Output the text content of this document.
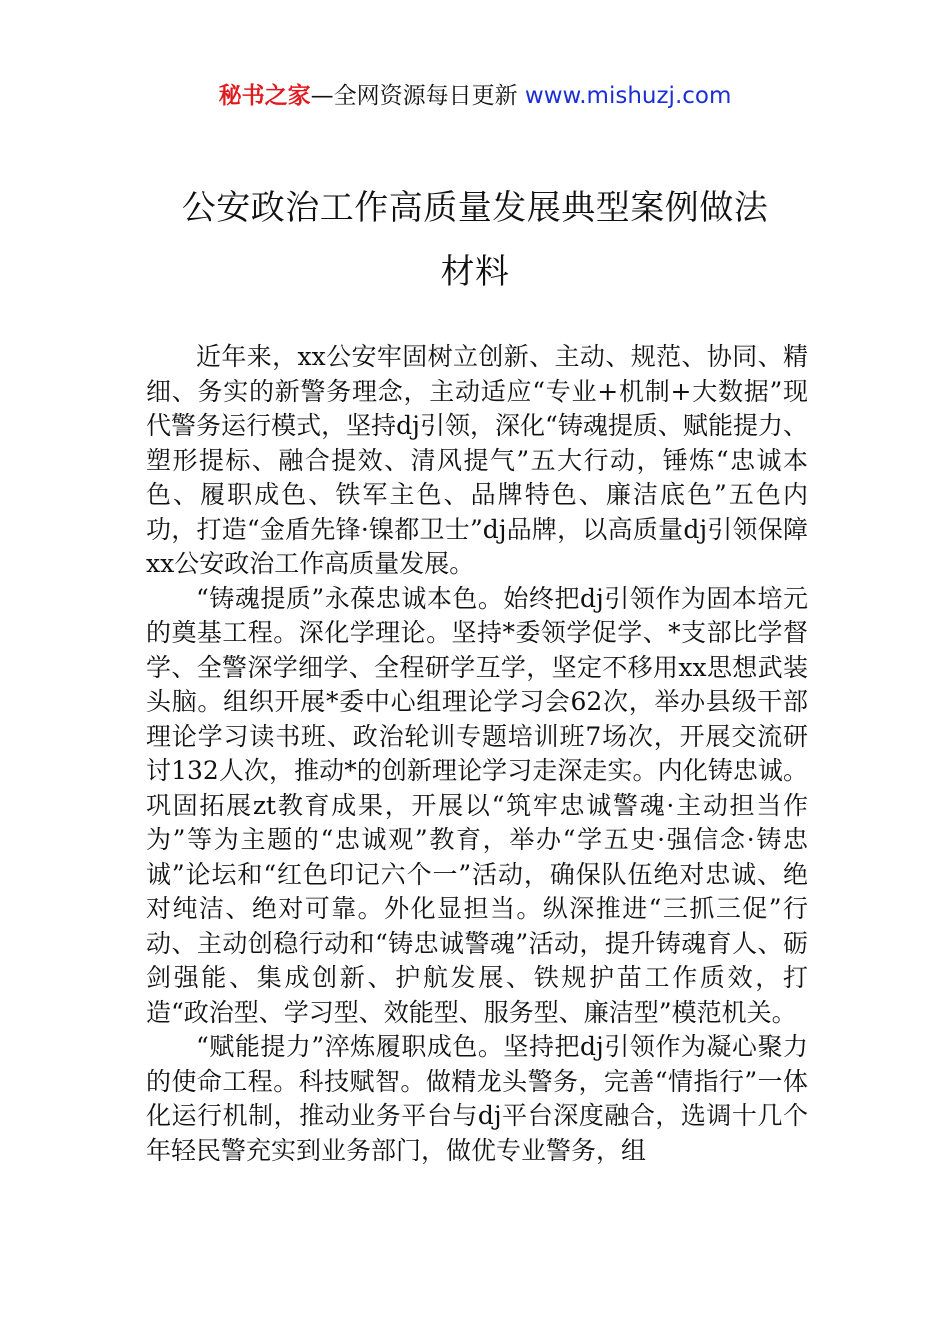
秘书之家—全网资源每日更新 www.mishuzj.com
公安政治工作高质量发展典型案例做法
材料

近年来，xx公安牢固树立创新、主动、规范、协同、精细、务实的新警务理念，主动适应“专业+机制+大数据”现代警务运行模式，坚持dj引领，深化“铸魂提质、赋能提力、塑形提标、融合提效、清风提气”五大行动，锤炼“忠诚本色、履职成色、铁军主色、品牌特色、廉洁底色”五色内功，打造“金盾先锋·镍都卫士”dj品牌，以高质量dj引领保障xx公安政治工作高质量发展。

“铸魂提质”永葆忠诚本色。始终把dj引领作为固本培元的奠基工程。深化学理论。坚持*委领学促学、*支部比学督学、全警深学细学、全程研学互学，坚定不移用xx思想武装头脑。组织开展*委中心组理论学习会62次，举办县级干部理论学习读书班、政治轮训专题培训班7场次，开展交流研讨132人次，推动*的创新理论学习走深走实。内化铸忠诚。巩固拓展zt教育成果，开展以“筑牢忠诚警魂·主动担当作为”等为主题的“忠诚观”教育，举办“学五史·强信念·铸忠诚”论坛和“红色印记六个一”活动，确保队伍绝对忠诚、绝对纯洁、绝对可靠。外化显担当。纵深推进“三抓三促”行动、主动创稳行动和“铸忠诚警魂”活动，提升铸魂育人、砺剑强能、集成创新、护航发展、铁规护苗工作质效，打造“政治型、学习型、效能型、服务型、廉洁型”模范机关。

“赋能提力”淬炼履职成色。坚持把dj引领作为凝心聚力的使命工程。科技赋智。做精龙头警务，完善“情指行”一体化运行机制，推动业务平台与dj平台深度融合，选调十几个年轻民警充实到业务部门，做优专业警务，组
